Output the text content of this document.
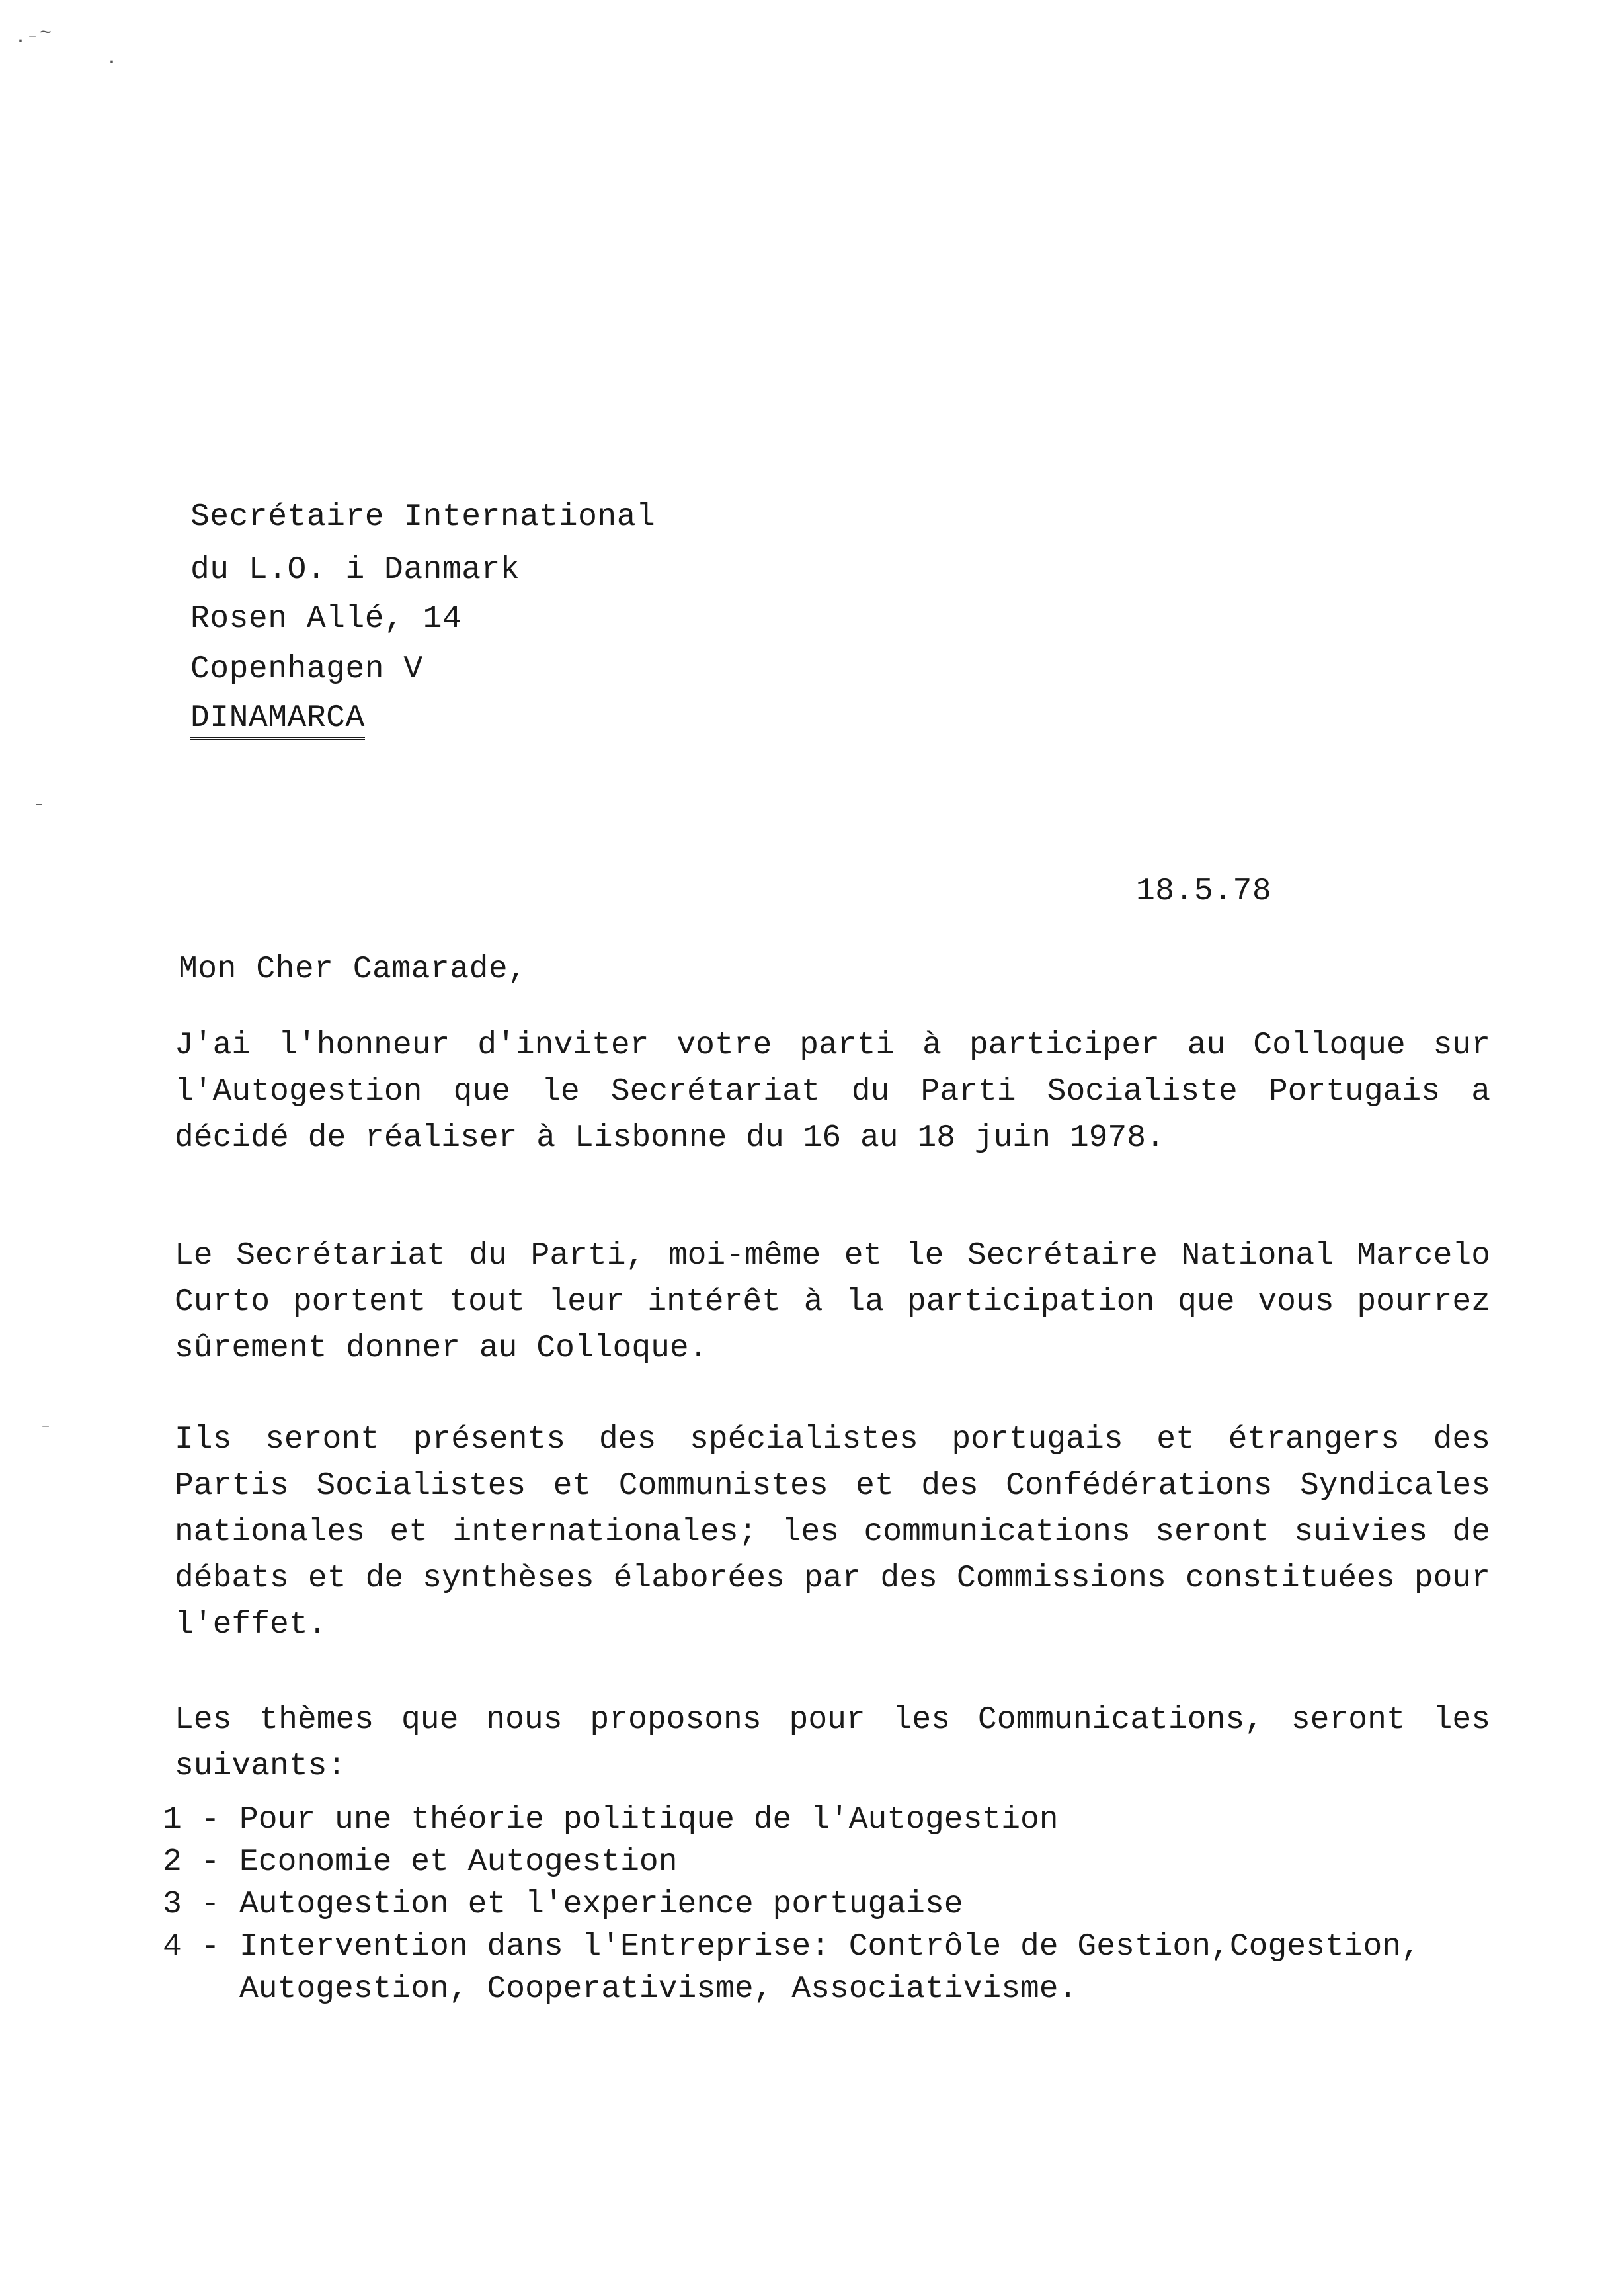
·⁻ ~
·
⁻
⁻
Secrétaire International
du L.O. i Danmark
Rosen Allé, 14
Copenhagen V
DINAMARCA
18.5.78
Mon Cher Camarade,
J'ai l'honneur d'inviter votre parti à participer au Colloque sur l'Autogestion que le Secrétariat du Parti Socialiste Portugais a décidé de réaliser à Lisbonne du 16 au 18 juin 1978.
Le Secrétariat du Parti, moi-même et le Secrétaire National Marcelo Curto portent tout leur intérêt à la participation que vous pourrez sûrement donner au Colloque.
Ils seront présents des spécialistes portugais et étrangers des Partis Socialistes et Communistes et des Confédérations Syndicales nationales et internationales; les communications seront suivies de débats et de synthèses élaborées par des Commissions constituées pour l'effet.
Les thèmes que nous proposons pour les Communications, seront les suivants:
1 - Pour une théorie politique de l'Autogestion
2 - Economie et Autogestion
3 - Autogestion et l'experience portugaise
4 - Intervention dans l'Entreprise: Contrôle de Gestion,Cogestion, Autogestion, Cooperativisme, Associativisme.
